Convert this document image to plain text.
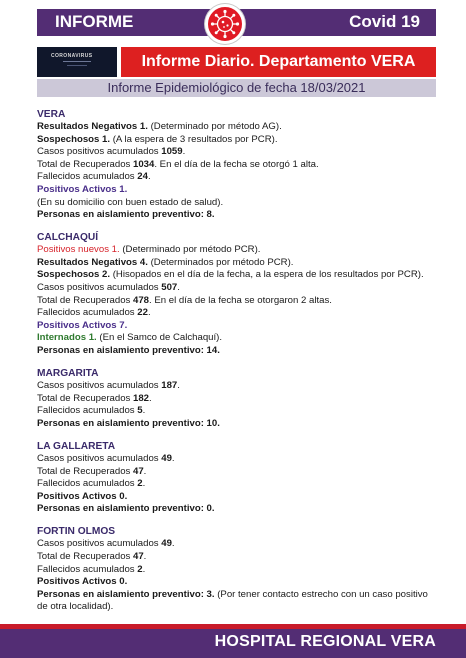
INFORME	Covid 19
CORONAVIRUS	Informe Diario. Departamento VERA
Informe Epidemiológico de fecha 18/03/2021
VERA
Resultados Negativos 1. (Determinado por método AG).
Sospechosos 1. (A la espera de 3 resultados por PCR).
Casos positivos acumulados 1059.
Total de Recuperados 1034. En el día de la fecha se otorgó 1 alta.
Fallecidos acumulados 24.
Positivos Activos 1.
(En su domicilio con buen estado de salud).
Personas en aislamiento preventivo: 8.
CALCHAQUÍ
Positivos nuevos 1. (Determinado por método PCR).
Resultados Negativos 4. (Determinados por método PCR).
Sospechosos 2. (Hisopados en el día de la fecha, a la espera de los resultados por PCR).
Casos positivos acumulados 507.
Total de Recuperados 478. En el día de la fecha se otorgaron 2 altas.
Fallecidos acumulados 22.
Positivos Activos 7.
Internados 1. (En el Samco de Calchaquí).
Personas en aislamiento preventivo: 14.
MARGARITA
Casos positivos acumulados 187.
Total de Recuperados 182.
Fallecidos acumulados 5.
Personas en aislamiento preventivo: 10.
LA GALLARETA
Casos positivos acumulados 49.
Total de Recuperados 47.
Fallecidos acumulados 2.
Positivos Activos 0.
Personas en aislamiento preventivo: 0.
FORTIN OLMOS
Casos positivos acumulados 49.
Total de Recuperados 47.
Fallecidos acumulados 2.
Positivos Activos 0.
Personas en aislamiento preventivo: 3. (Por tener contacto estrecho con un caso positivo de otra localidad).
HOSPITAL REGIONAL VERA
